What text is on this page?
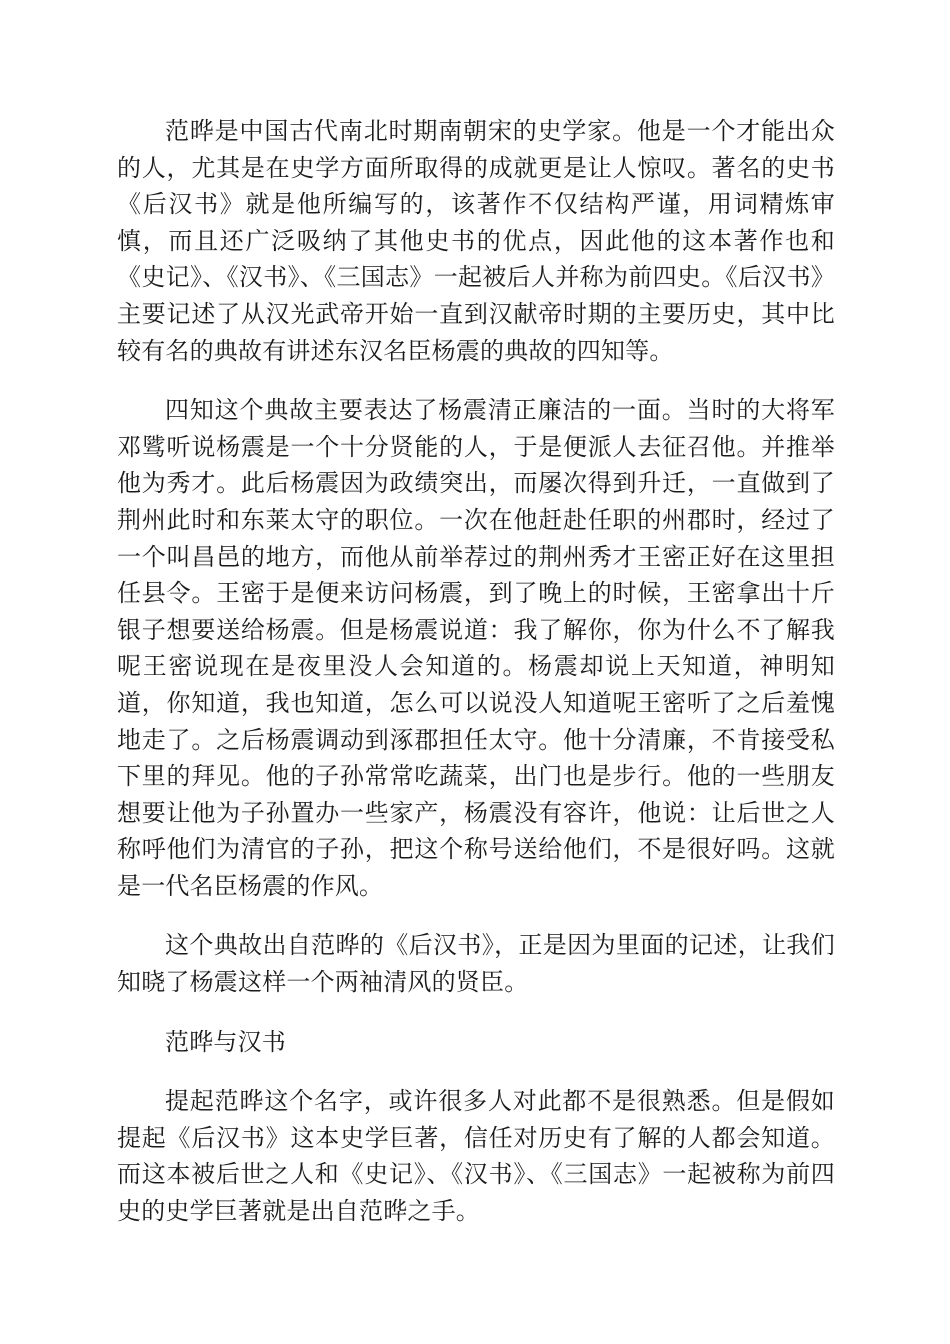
范晔是中国古代南北时期南朝宋的史学家。他是一个才能出众的人，尤其是在史学方面所取得的成就更是让人惊叹。著名的史书《后汉书》就是他所编写的，该著作不仅结构严谨，用词精炼审慎，而且还广泛吸纳了其他史书的优点，因此他的这本著作也和《史记》、《汉书》、《三国志》一起被后人并称为前四史。《后汉书》主要记述了从汉光武帝开始一直到汉献帝时期的主要历史，其中比较有名的典故有讲述东汉名臣杨震的典故的四知等。

四知这个典故主要表达了杨震清正廉洁的一面。当时的大将军邓骘听说杨震是一个十分贤能的人，于是便派人去征召他。并推举他为秀才。此后杨震因为政绩突出，而屡次得到升迁，一直做到了荆州此时和东莱太守的职位。一次在他赶赴任职的州郡时，经过了一个叫昌邑的地方，而他从前举荐过的荆州秀才王密正好在这里担任县令。王密于是便来访问杨震，到了晚上的时候，王密拿出十斤银子想要送给杨震。但是杨震说道：我了解你，你为什么不了解我呢王密说现在是夜里没人会知道的。杨震却说上天知道，神明知道，你知道，我也知道，怎么可以说没人知道呢王密听了之后羞愧地走了。之后杨震调动到涿郡担任太守。他十分清廉，不肯接受私下里的拜见。他的子孙常常吃蔬菜，出门也是步行。他的一些朋友想要让他为子孙置办一些家产，杨震没有容许，他说：让后世之人称呼他们为清官的子孙，把这个称号送给他们，不是很好吗。这就是一代名臣杨震的作风。

这个典故出自范晔的《后汉书》，正是因为里面的记述，让我们知晓了杨震这样一个两袖清风的贤臣。

范晔与汉书

提起范晔这个名字，或许很多人对此都不是很熟悉。但是假如提起《后汉书》这本史学巨著，信任对历史有了解的人都会知道。而这本被后世之人和《史记》、《汉书》、《三国志》一起被称为前四史的史学巨著就是出自范晔之手。
